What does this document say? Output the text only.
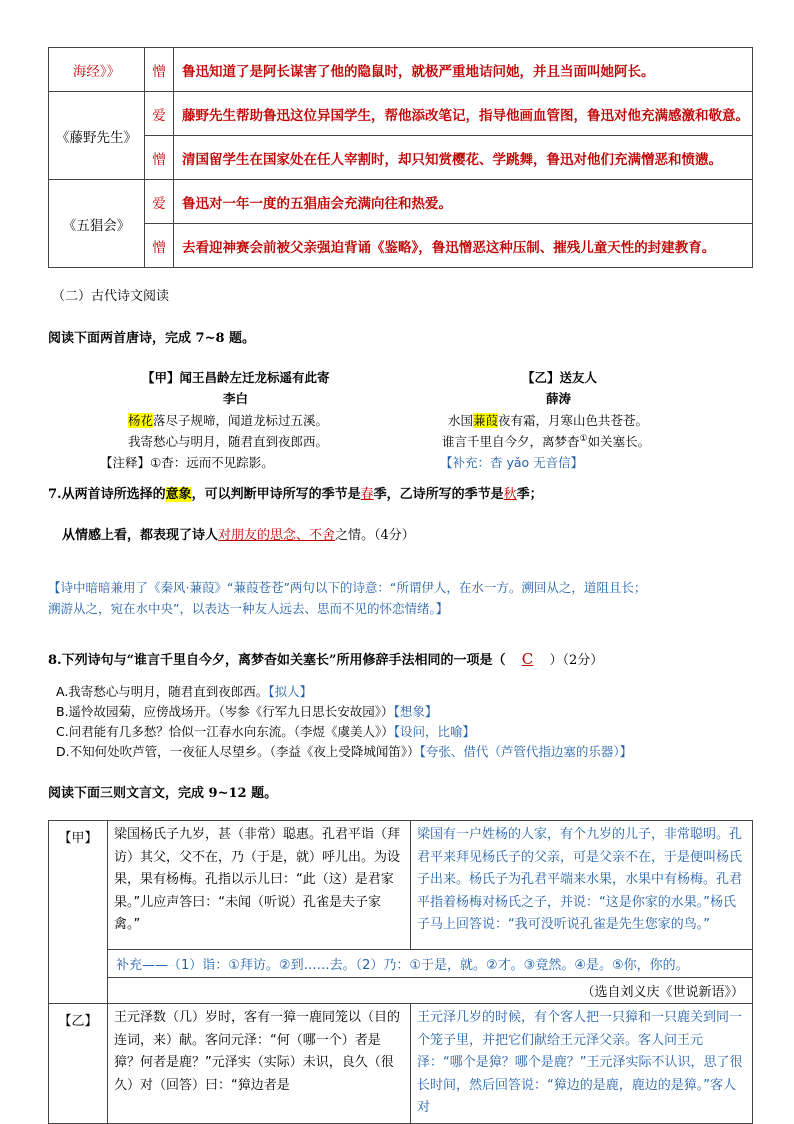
海经》》	憎	鲁迅知道了是阿长谋害了他的隐鼠时，就极严重地诘问她，并且当面叫她阿长。
《藤野先生》	爱	藤野先生帮助鲁迅这位异国学生，帮他添改笔记，指导他画血管图，鲁迅对他充满感激和敬意。
	憎	清国留学生在国家处在任人宰割时，却只知赏樱花、学跳舞，鲁迅对他们充满憎恶和愤懑。
《五猖会》	爱	鲁迅对一年一度的五猖庙会充满向往和热爱。
	憎	去看迎神赛会前被父亲强迫背诵《鉴略》，鲁迅憎恶这种压制、摧残儿童天性的封建教育。
（二）古代诗文阅读
阅读下面两首唐诗，完成 7~8 题。
【甲】闻王昌龄左迁龙标遥有此寄
李白
杨花落尽子规啼，闻道龙标过五溪。
我寄愁心与明月，随君直到夜郎西。
【注释】①杳：远而不见踪影。
【乙】送友人
薛涛
水国蒹葭夜有霜，月寒山色共苍苍。
谁言千里自今夕，离梦杳①如关塞长。
【补充：杳 yǎo 无音信】
7.从两首诗所选择的意象，可以判断甲诗所写的季节是春季，乙诗所写的季节是秋季；
从情感上看，都表现了诗人对朋友的思念、不舍之情。（4分）
【诗中暗暗兼用了《秦风·蒹葭》“蒹葭苍苍”两句以下的诗意：“所谓伊人，在水一方。溯回从之，道阻且长；
溯游从之，宛在水中央”，以表达一种友人远去、思而不见的怀恋情绪。】
8.下列诗句与“谁言千里自今夕，离梦杳如关塞长”所用修辞手法相同的一项是（ C ）（2分）
A.我寄愁心与明月，随君直到夜郎西。【拟人】
B.遥怜故园菊，应傍战场开。（岑参《行军九日思长安故园》）【想象】
C.问君能有几多愁？恰似一江春水向东流。（李煜《虞美人》）【设问，比喻】
D.不知何处吹芦管，一夜征人尽望乡。（李益《夜上受降城闻笛》）【夸张、借代（芦管代指边塞的乐器）】
阅读下面三则文言文，完成 9~12 题。
【甲】	梁国杨氏子九岁，甚（非常）聪惠。孔君平诣（拜访）其父，父不在，乃（于是，就）呼儿出。为设果，果有杨梅。孔指以示儿曰：“此（这）是君家果。”儿应声答曰：“未闻（听说）孔雀是夫子家禽。”	梁国有一户姓杨的人家，有个九岁的儿子，非常聪明。孔君平来拜见杨氏子的父亲，可是父亲不在，于是便叫杨氏子出来。杨氏子为孔君平端来水果，水果中有杨梅。孔君平指着杨梅对杨氏之子，并说：“这是你家的水果。”杨氏子马上回答说：“我可没听说孔雀是先生您家的鸟。”
	补充——（1）诣：①拜访。②到……去。（2）乃：①于是，就。②才。③竟然。④是。⑤你，你的。	
	（选自刘义庆《世说新语》）	
【乙】	王元泽数（几）岁时，客有一獐一鹿同笼以（目的连词，来）献。客问元泽：“何（哪一个）者是獐？何者是鹿？”元泽实（实际）未识，良久（很久）对（回答）曰：“獐边者是	王元泽几岁的时候，有个客人把一只獐和一只鹿关到同一个笼子里，并把它们献给王元泽父亲。客人问王元泽：“哪个是獐？哪个是鹿？”王元泽实际不认识，思了很长时间，然后回答说：“獐边的是鹿，鹿边的是獐。”客人对
